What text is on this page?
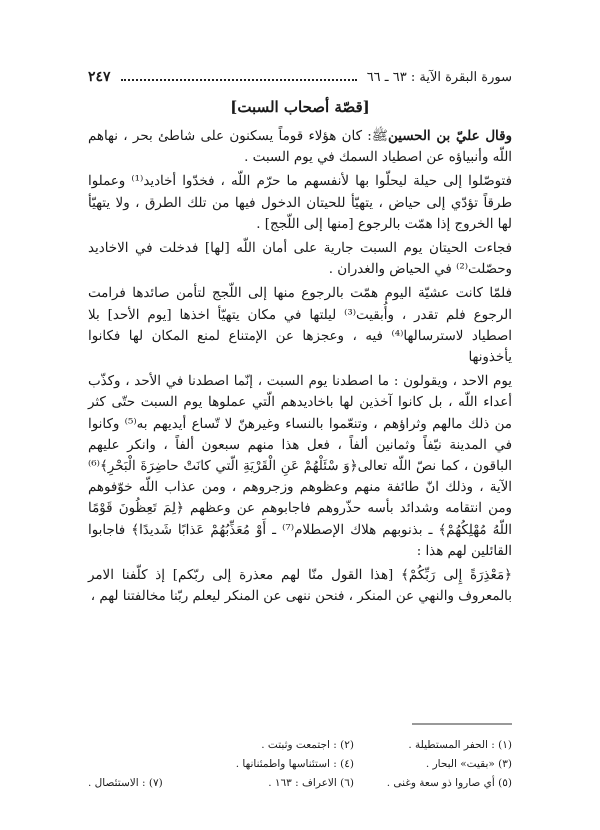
سورة البقرة الآية : ٦٣ ـ ٦٦
٢٤٧
[قصّة أصحاب السبت]

وقال عليّ بن الحسينﷺ: كان هؤلاء قوماً يسكنون على شاطئ بحر ، نهاهم اللّه وأنبياؤه عن اصطياد السمك في يوم السبت .

فتوصّلوا إلى حيلة ليحلّوا بها لأنفسهم ما حرّم اللّه ، فخدّوا أخاديد⁽¹⁾ وعملوا طرقاً تؤدّي إلى حياض ، يتهيّأ للحيتان الدخول فيها من تلك الطرق ، ولا يتهيّأ لها الخروج إذا همّت بالرجوع [منها إلى اللّجج] .

فجاءت الحيتان يوم السبت جارية على أمان اللّه [لها] فدخلت في الاخاديد وحصّلت⁽²⁾ في الحياض والغدران .

فلمّا كانت عشيّة اليوم همّت بالرجوع منها إلى اللّجج لتأمن صائدها فرامت الرجوع فلم تقدر ، وأُبقيت⁽³⁾ ليلتها في مكان يتهيّأ اخذها [يوم الأحد] بلا اصطياد لاسترسالها⁽⁴⁾ فيه ، وعجزها عن الإمتناع لمنع المكان لها فكانوا يأخذونها

يوم الاحد ، ويقولون : ما اصطدنا يوم السبت ، إنّما اصطدنا في الأحد ، وكذّب أعداء اللّه ، بل كانوا آخذين لها باخاديدهم الّتي عملوها يوم السبت حتّى كثر من ذلك مالهم وثراؤهم ، وتنعّموا بالنساء وغيرهنّ لا تّساع أيديهم به⁽⁵⁾ وكانوا في المدينة نيّفاً وثمانين ألفاً ، فعل هذا منهم سبعون ألفاً ، وانكر عليهم الباقون ، كما نصّ اللّه تعالى﴿وَ سْئَلْهُمْ عَنِ الْقَرْيَةِ الّتي كانَتْ حاضِرَةَ الْبَحْرِ﴾⁽⁶⁾ الآية ، وذلك انّ طائفة منهم وعظوهم وزجروهم ، ومن عذاب اللّه خوّفوهم ومن انتقامه وشدائد بأسه حذّروهم فاجابوهم عن وعظهم ﴿لِمَ تَعِظُونَ قَوْمًا اللّهُ مُهْلِكُهُمْ﴾ ـ بذنوبهم هلاك الإصطلام⁽⁷⁾ ـ أَوْ مُعَذِّبُهُمْ عَذابًا شَديدًا﴾ فاجابوا القائلين لهم هذا :

﴿مَعْذِرَةً إِلى رَبِّكُمْ﴾ [هذا القول منّا لهم معذرة إلى ربّكم] إذ كلّفنا الامر بالمعروف والنهي عن المنكر ، فنحن ننهى عن المنكر ليعلم ربّنا مخالفتنا لهم ،

(١) : الحفر المستطيلة .
(٢) : اجتمعت وثبتت .
(٣) «بقيت» البحار .
(٤) : استئناسها واطمئنانها .
(٥) أي صاروا ذو سعة وغنى .
(٦) الاعراف : ١٦٣ .
(٧) : الاستئصال .
